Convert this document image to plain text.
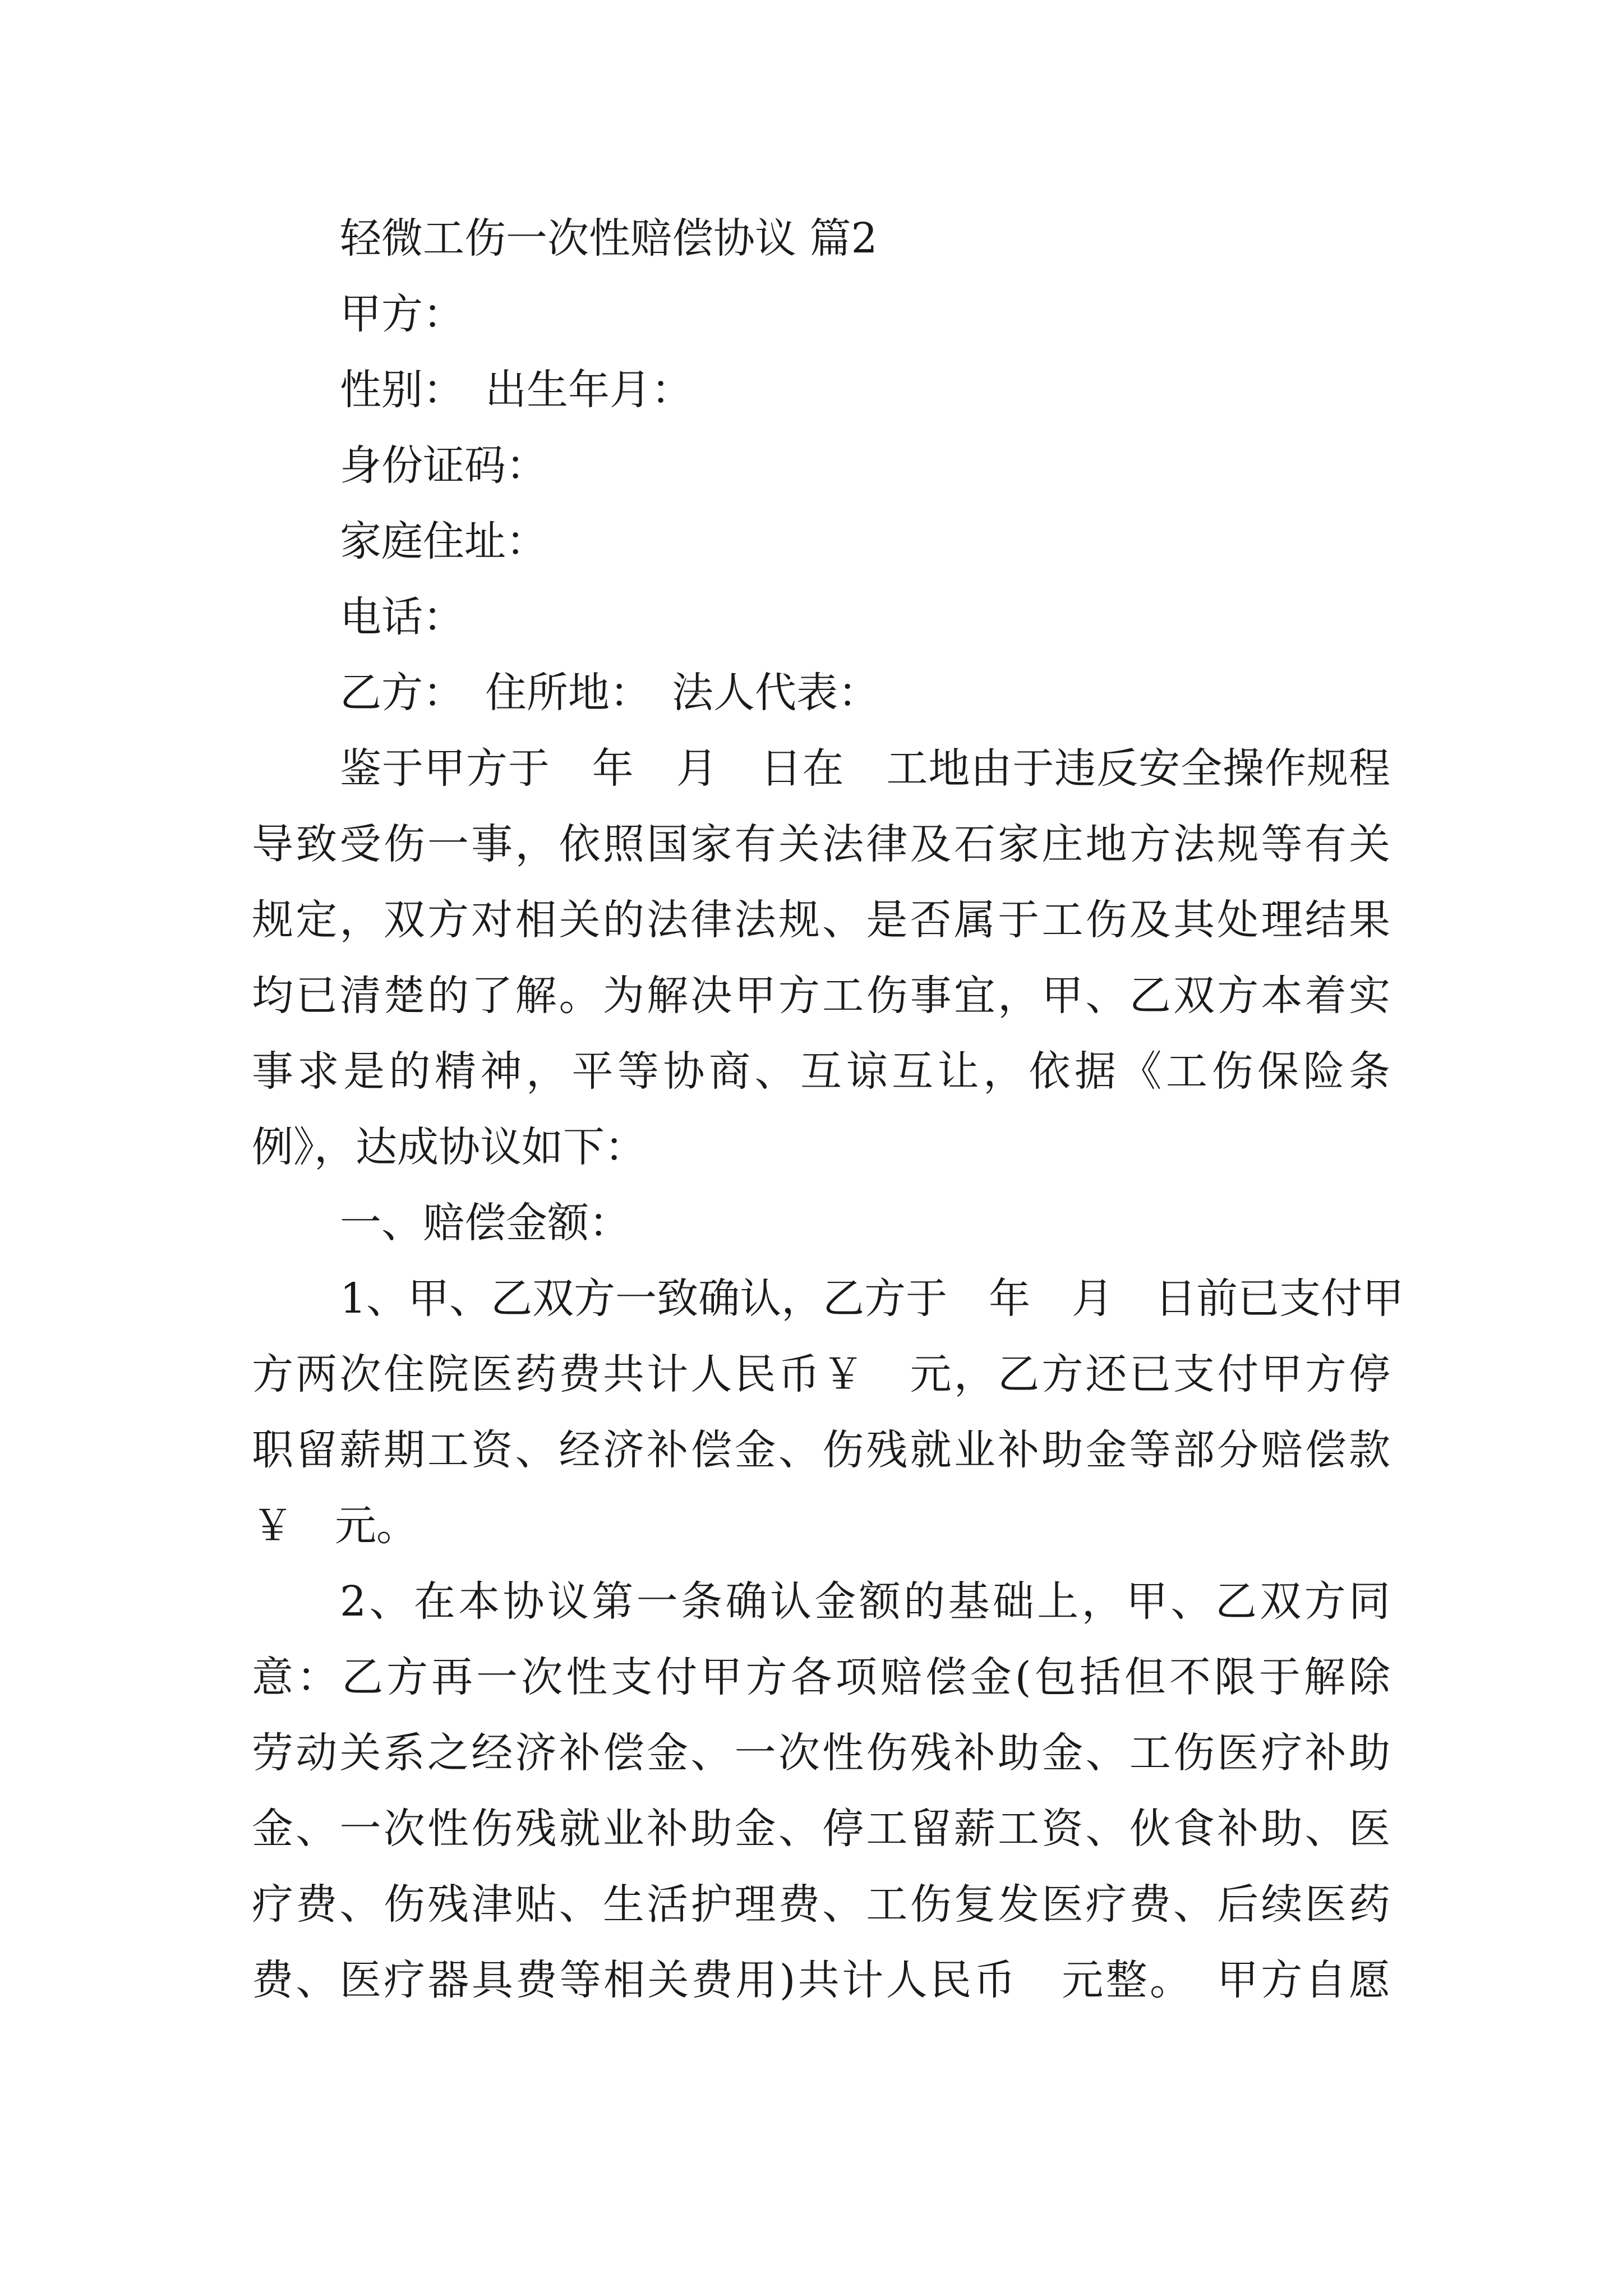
轻微工伤一次性赔偿协议 篇2
甲方：
性别：　出生年月：
身份证码：
家庭住址：
电话：
乙方：　住所地：　法人代表：
鉴于甲方于　年　月　日在　工地由于违反安全操作规程
导致受伤一事，依照国家有关法律及石家庄地方法规等有关
规定，双方对相关的法律法规、是否属于工伤及其处理结果
均已清楚的了解。为解决甲方工伤事宜，甲、乙双方本着实
事求是的精神，平等协商、互谅互让，依据《工伤保险条
例》，达成协议如下：
一、赔偿金额：
1、甲、乙双方一致确认，乙方于　年　月　日前已支付甲
方两次住院医药费共计人民币￥　元，乙方还已支付甲方停
职留薪期工资、经济补偿金、伤残就业补助金等部分赔偿款
￥　元。
2、在本协议第一条确认金额的基础上，甲、乙双方同
意：乙方再一次性支付甲方各项赔偿金(包括但不限于解除
劳动关系之经济补偿金、一次性伤残补助金、工伤医疗补助
金、一次性伤残就业补助金、停工留薪工资、伙食补助、医
疗费、伤残津贴、生活护理费、工伤复发医疗费、后续医药
费、医疗器具费等相关费用)共计人民币　元整。　甲方自愿
